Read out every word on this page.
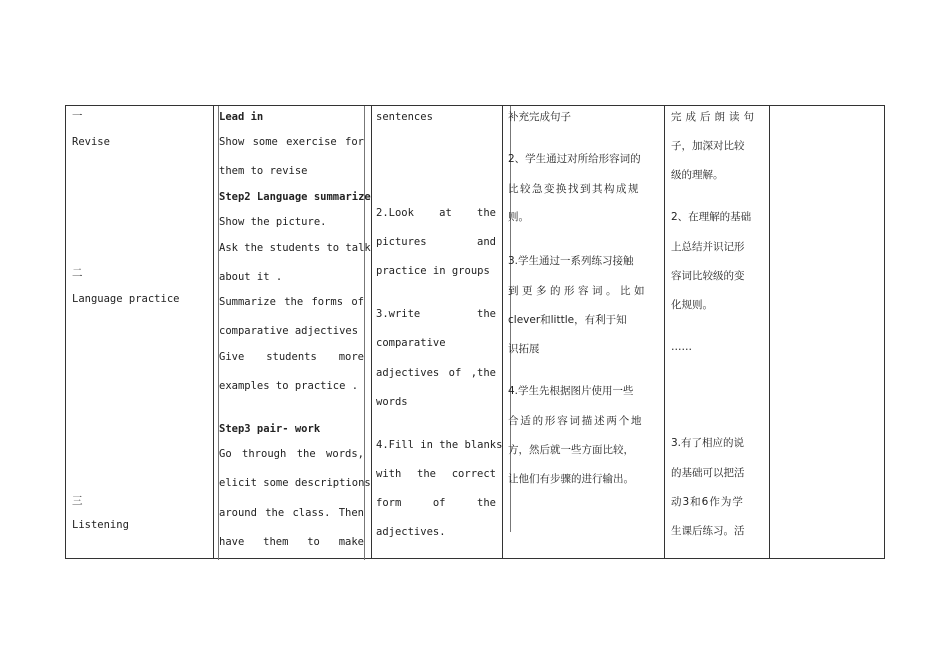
一
Revise
二
Language practice
三
Listening
Lead in
Show some exercise for
them to revise
Step2 Language summarize
Show the picture.
Ask the students to talk
about it .
Summarize the forms of
comparative adjectives
Give students more
examples to practice .
Step3 pair- work
Go through the words,
elicit some descriptions
around the class. Then
have them to make
sentences
2.Look at the
pictures and
practice in groups
3.write the
comparative
adjectives of ,the
words
4.Fill in the blanks
with the correct
form of the
adjectives.
补充完成句子
2、学生通过对所给形容词的
比较急变换找到其构成规
则。
3.学生通过一系列练习接触
到更多的形容词。比如
clever和little，有利于知
识拓展
4.学生先根据图片使用一些
合适的形容词描述两个地
方，然后就一些方面比较，
让他们有步骤的进行输出。
完成后朗读句
子，加深对比较
级的理解。
2、在理解的基础
上总结并识记形
容词比较级的变
化规则。
……
3.有了相应的说
的基础可以把活
动3和6作为学
生课后练习。活
